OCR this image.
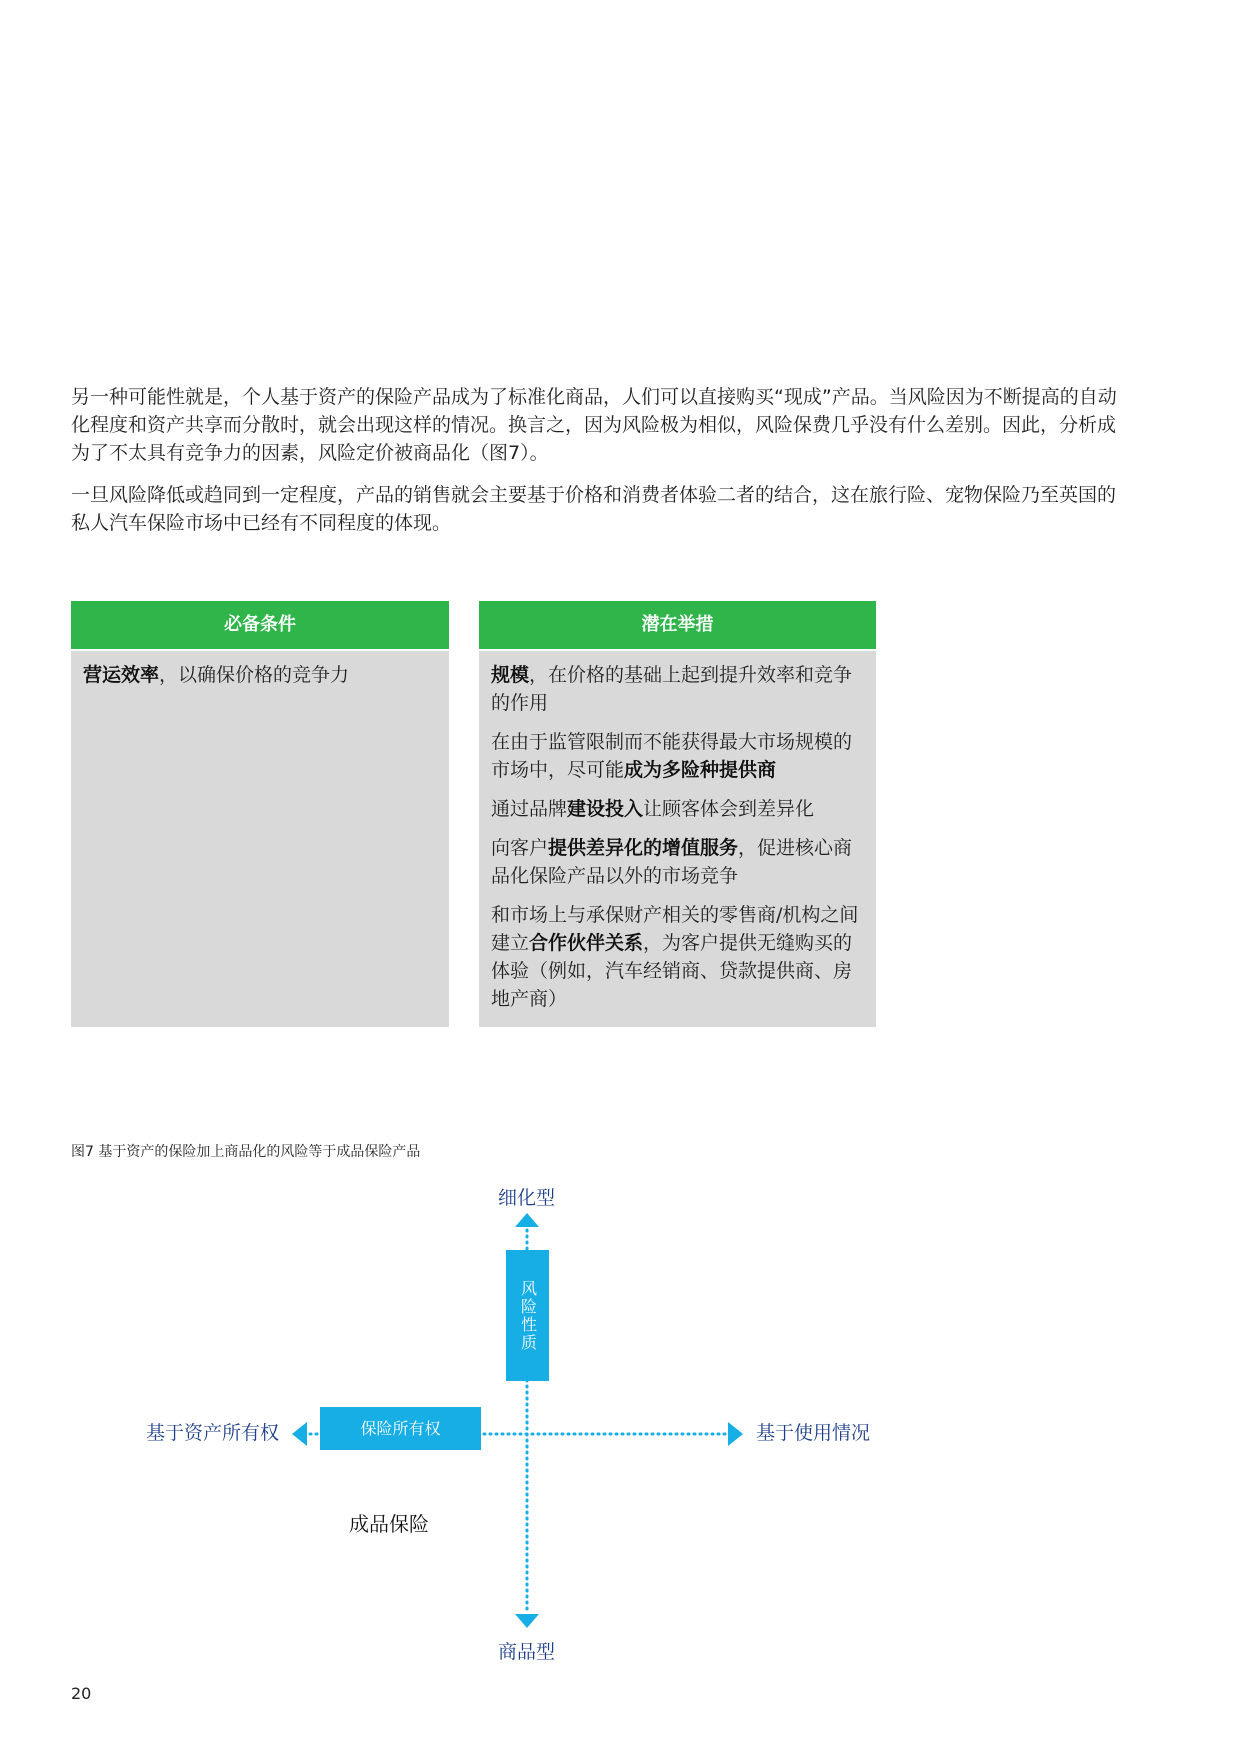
另一种可能性就是，个人基于资产的保险产品成为了标准化商品，人们可以直接购买“现成”产品。当风险因为不断提高的自动化程度和资产共享而分散时，就会出现这样的情况。换言之，因为风险极为相似，风险保费几乎没有什么差别。因此，分析成为了不太具有竞争力的因素，风险定价被商品化（图7）。

一旦风险降低或趋同到一定程度，产品的销售就会主要基于价格和消费者体验二者的结合，这在旅行险、宠物保险乃至英国的私人汽车保险市场中已经有不同程度的体现。

必备条件

营运效率，以确保价格的竞争力

潜在举措

规模，在价格的基础上起到提升效率和竞争的作用

在由于监管限制而不能获得最大市场规模的市场中，尽可能成为多险种提供商

通过品牌建设投入让顾客体会到差异化

向客户提供差异化的增值服务，促进核心商品化保险产品以外的市场竞争

和市场上与承保财产相关的零售商/机构之间建立合作伙伴关系，为客户提供无缝购买的体验（例如，汽车经销商、贷款提供商、房地产商）

图7 基于资产的保险加上商品化的风险等于成品保险产品
细化型
商品型
基于资产所有权	基于使用情况
成品保险
风险性质
保险所有权
20
